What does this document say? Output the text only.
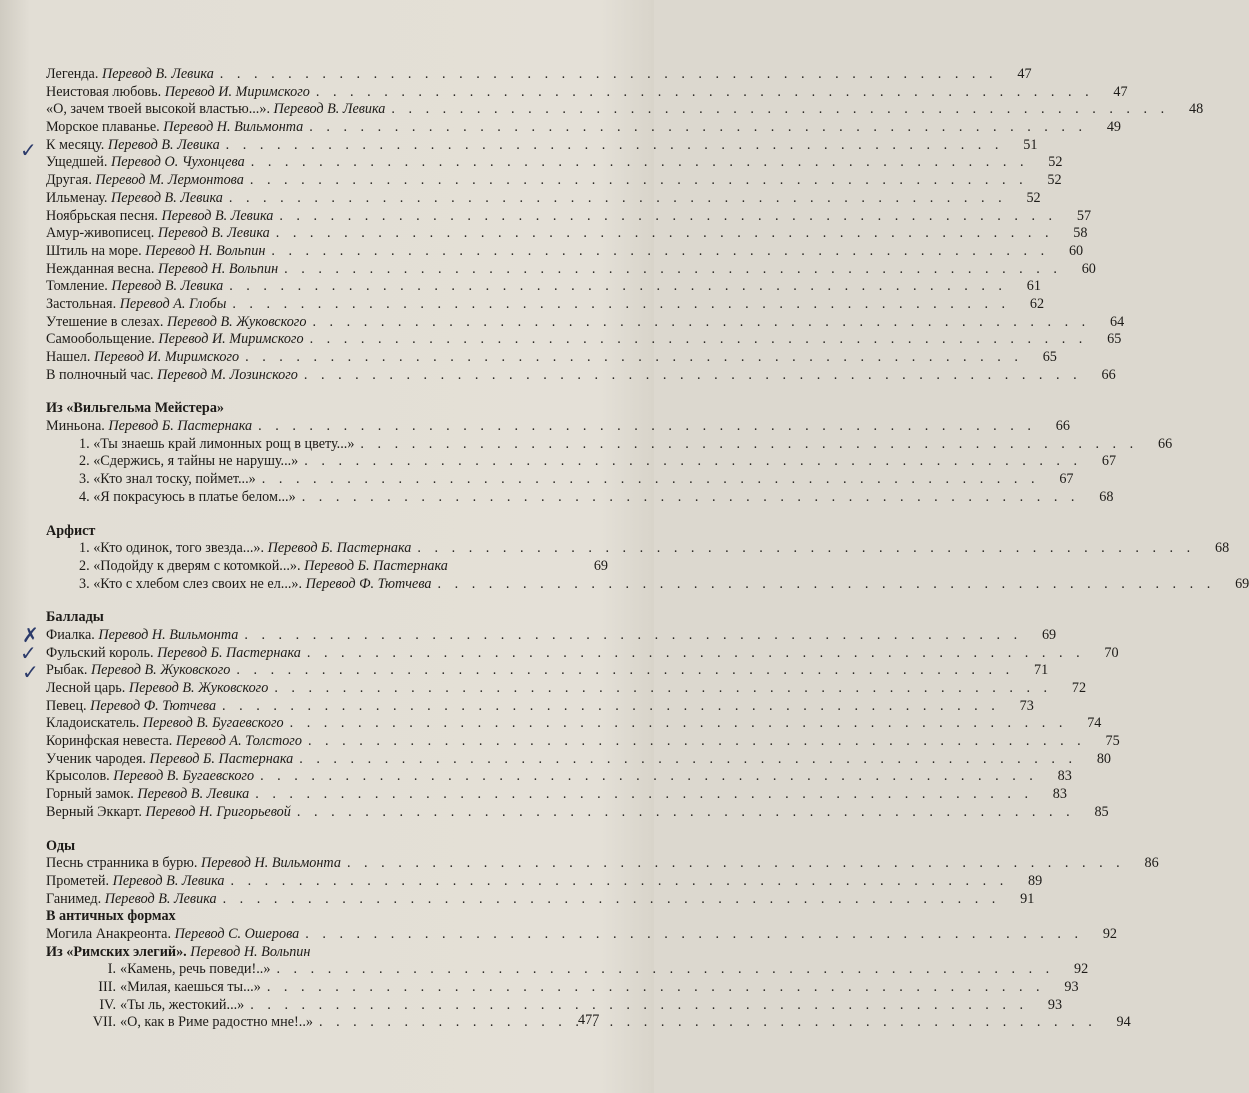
Легенда. Перевод В. Левика . . .	47
Неистовая любовь. Перевод И. Миримского . . .	47
«О, зачем твоей высокой властью...». Перевод В. Левика . . .	48
Морское плаванье. Перевод Н. Вильмонта . . .	49
К месяцу. Перевод В. Левика . . .	51
Ущедшей. Перевод О. Чухонцева . . .	52
Другая. Перевод М. Лермонтова . . .	52
Ильменау. Перевод В. Левика . . .	52
Ноябрьская песня. Перевод В. Левика . . .	57
Амур-живописец. Перевод В. Левика . . .	58
Штиль на море. Перевод Н. Вольпин . . .	60
Нежданная весна. Перевод Н. Вольпин . . .	60
Томление. Перевод В. Левика . . .	61
Застольная. Перевод А. Глобы . . .	62
Утешение в слезах. Перевод В. Жуковского . . .	64
Самообольщение. Перевод И. Миримского . . .	65
Нашел. Перевод И. Миримского . . .	65
В полночный час. Перевод М. Лозинского . . .	66
Из «Вильгельма Мейстера»
Миньона. Перевод Б. Пастернака . . .	66
1. «Ты знаешь край лимонных рощ в цвету...» . . .	66
2. «Сдержись, я тайны не нарушу...» . . .	67
3. «Кто знал тоску, поймет...» . . .	67
4. «Я покрасуюсь в платье белом...» . . .	68
Арфист
1. «Кто одинок, того звезда...». Перевод Б. Пастернака . . .	68
2. «Подойду к дверям с котомкой...». Перевод Б. Пастернака	69
3. «Кто с хлебом слез своих не ел...». Перевод Ф. Тютчева . . .	69
Баллады
Фиалка. Перевод Н. Вильмонта . . .	69
Фульский король. Перевод Б. Пастернака . . .	70
Рыбак. Перевод В. Жуковского . . .	71
Лесной царь. Перевод В. Жуковского . . .	72
Певец. Перевод Ф. Тютчева . . .	73
Кладоискатель. Перевод В. Бугаевского . . .	74
Коринфская невеста. Перевод А. Толстого . . .	75
Ученик чародея. Перевод Б. Пастернака . . .	80
Крысолов. Перевод В. Бугаевского . . .	83
Горный замок. Перевод В. Левика . . .	83
Верный Эккарт. Перевод Н. Григорьевой . . .	85
Оды
Песнь странника в бурю. Перевод Н. Вильмонта . . .	86
Прометей. Перевод В. Левика . . .	89
Ганимед. Перевод В. Левика . . .	91
В античных формах
Могила Анакреонта. Перевод С. Ошерова . . .	92
Из «Римских элегий». Перевод Н. Вольпин
I. «Камень, речь поведи!..» . . .	92
III. «Милая, каешься ты...» . . .	93
IV. «Ты ль, жестокий...» . . .	93
VII. «О, как в Риме радостно мне!..» . . .	94
✓
✗
✓
✓
477
